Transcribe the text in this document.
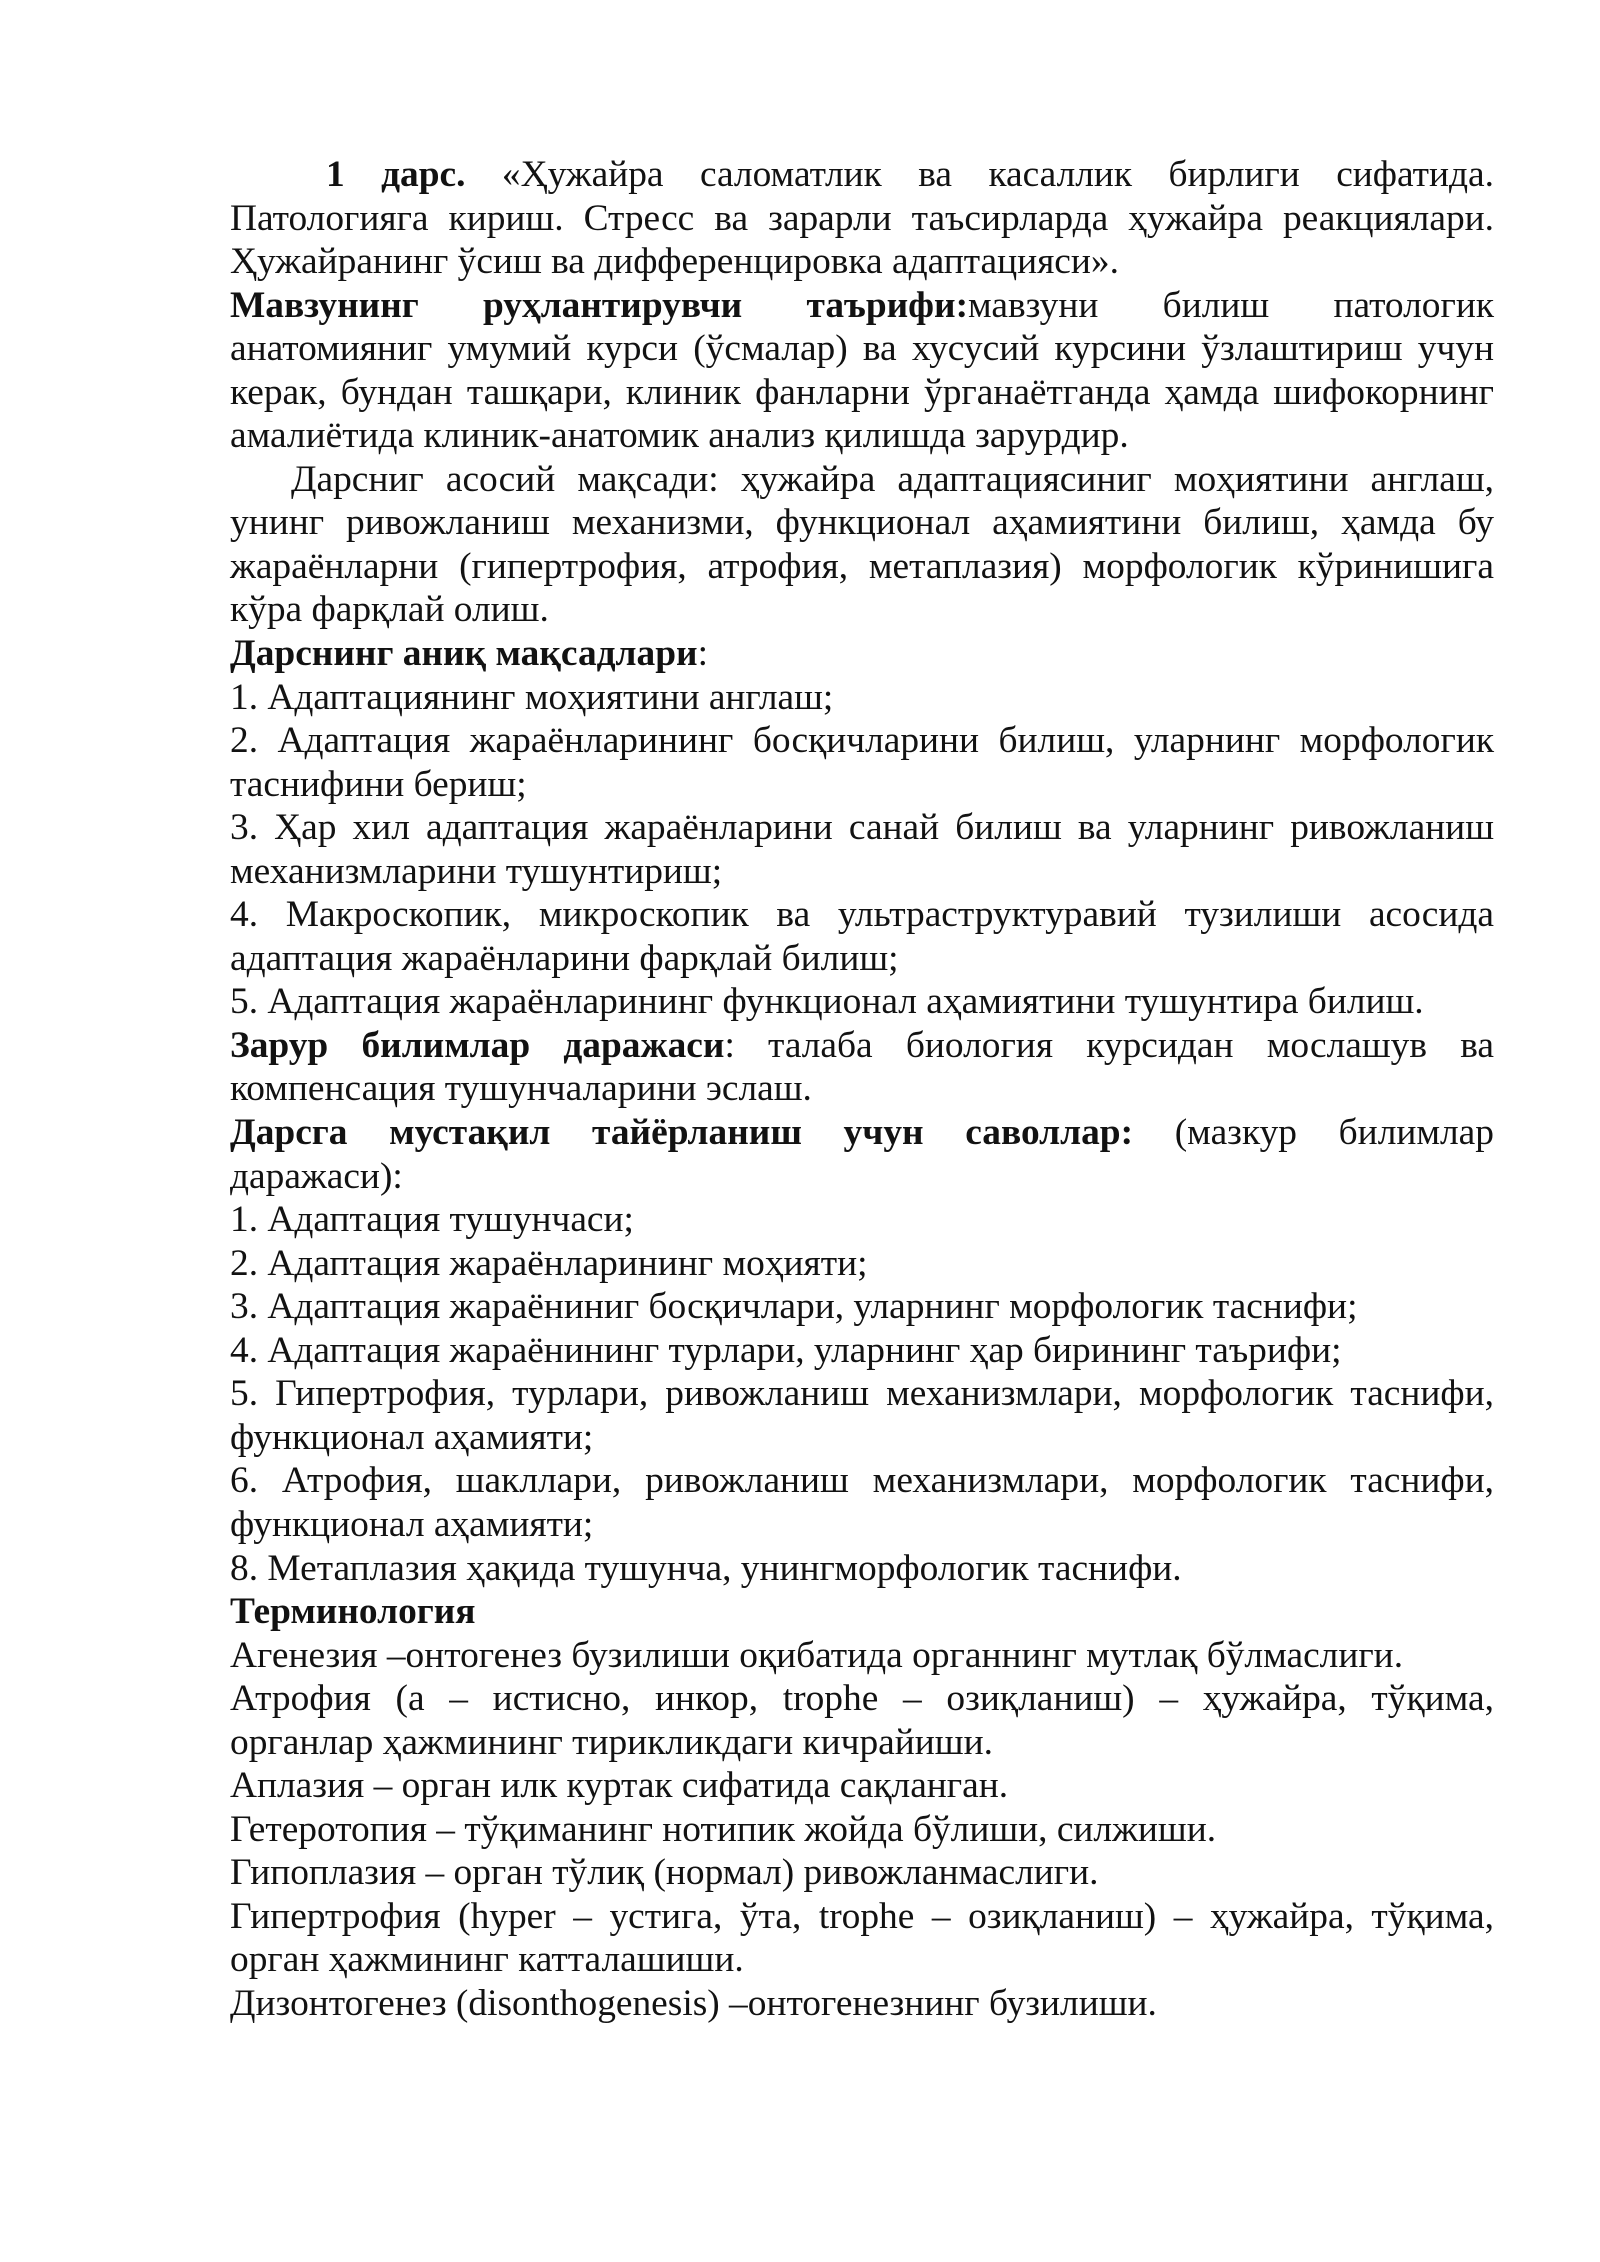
1 дарс. «Ҳужайра саломатлик ва касаллик бирлиги сифатида.
Патологияга кириш. Стресс ва зарарли таъсирларда ҳужайра реакциялари.
Ҳужайранинг ўсиш ва дифференцировка адаптацияси».
Мавзунинг руҳлантирувчи таърифи:мавзуни билиш патологик
анатомияниг умумий курси (ўсмалар) ва хусусий курсини ўзлаштириш учун
керак, бундан ташқари, клиник фанларни ўрганаётганда ҳамда шифокорнинг
амалиётида клиник-анатомик анализ қилишда зарурдир.
Дарсниг асосий мақсади: ҳужайра адаптациясиниг моҳиятини англаш,
унинг ривожланиш механизми, функционал аҳамиятини билиш, ҳамда бу
жараёнларни (гипертрофия, атрофия, метаплазия) морфологик кўринишига
кўра фарқлай олиш.
Дарснинг аниқ мақсадлари:
1. Адаптациянинг моҳиятини англаш;
2. Адаптация жараёнларининг босқичларини билиш, уларнинг морфологик
таснифини бериш;
3. Ҳар хил адаптация жараёнларини санай билиш ва уларнинг ривожланиш
механизмларини тушунтириш;
4. Макроскопик, микроскопик ва ультраструктуравий тузилиши асосида
адаптация жараёнларини фарқлай билиш;
5. Адаптация жараёнларининг функционал аҳамиятини тушунтира билиш.
Зарур билимлар даражаси: талаба биология курсидан мослашув ва
компенсация тушунчаларини эслаш.
Дарсга мустақил тайёрланиш учун саволлар: (мазкур билимлар
даражаси):
1. Адаптация тушунчаси;
2. Адаптация жараёнларининг моҳияти;
3. Адаптация жараёниниг босқичлари, уларнинг морфологик таснифи;
4. Адаптация жараёнининг турлари, уларнинг ҳар бирининг таърифи;
5. Гипертрофия, турлари, ривожланиш механизмлари, морфологик таснифи,
функционал аҳамияти;
6. Атрофия, шакллари, ривожланиш механизмлари, морфологик таснифи,
функционал аҳамияти;
8. Метаплазия ҳақида тушунча, унингморфологик таснифи.
Терминология
Агенезия –онтогенез бузилиши оқибатида органнинг мутлақ бўлмаслиги.
Атрофия (а – истисно, инкор, trophe – озиқланиш) – ҳужайра, тўқима,
органлар ҳажмининг тирикликдаги кичрайиши.
Аплазия – орган илк куртак сифатида сақланган.
Гетеротопия – тўқиманинг нотипик жойда бўлиши, силжиши.
Гипоплазия – орган тўлиқ (нормал) ривожланмаслиги.
Гипертрофия (hyper – устига, ўта, trophe – озиқланиш) – ҳужайра, тўқима,
орган ҳажмининг катталашиши.
Дизонтогенез (disonthogenesis) –онтогенезнинг бузилиши.
